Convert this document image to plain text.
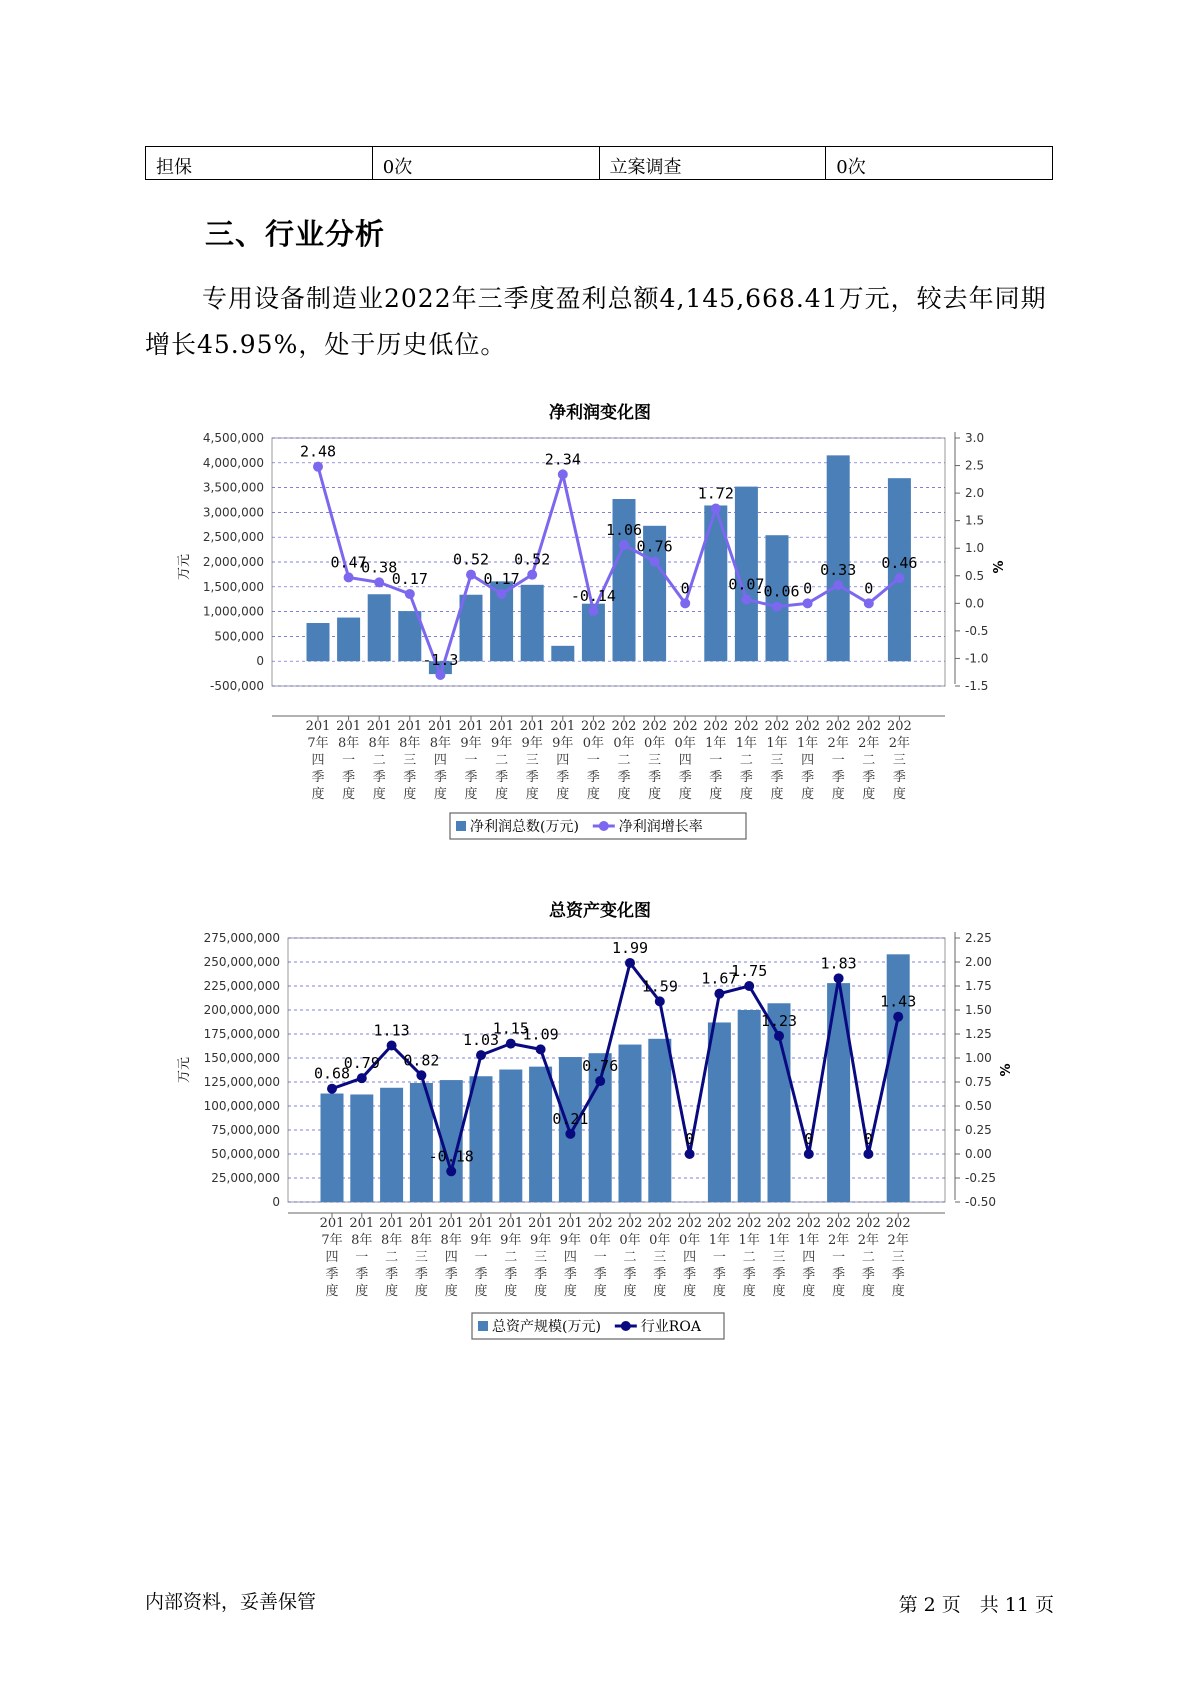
担保	0次	立案调查	0次
三、行业分析
专用设备制造业2022年三季度盈利总额4,145,668.41万元，较去年同期增长45.95%，处于历史低位。
净利润变化图
4,500,000
4,000,000
3,500,000
3,000,000
2,500,000
2,000,000
1,500,000
1,000,000
500,000
0
-500,000
3.0
2.5
2.0
1.5
1.0
0.5
0.0
-0.5
-1.0
-1.5
万元	%
2.48
0.47
0.38
0.17
-1.3
0.52
0.17
0.52
2.34
-0.14
1.06
0.76
0
1.72
0.07
-0.06 0
0.33
0
0.46
201 7年四季度
201 8年一季度
201 8年二季度
201 8年三季度
201 8年四季度
201 9年一季度
201 9年二季度
201 9年三季度
201 9年四季度
202 0年一季度
202 0年二季度
202 0年三季度
202 0年四季度
202 1年一季度
202 1年二季度
202 1年三季度
202 1年四季度
202 2年一季度
202 2年二季度
202 2年三季度
净利润总数(万元)	净利润增长率
总资产变化图
275,000,000
250,000,000
225,000,000
200,000,000
175,000,000
150,000,000
125,000,000
100,000,000
75,000,000
50,000,000
25,000,000
0
2.25
2.00
1.75
1.50
1.25
1.00
0.75
0.50
0.25
0.00
-0.25
-0.50
万元	%
0.68
0.79
1.13
0.82
-0.18
1.03
1.15
1.09
0.21
0.76
1.99
1.59
0
1.67
1.75
1.23
0
1.83
0
1.43
201 7年四季度
201 8年一季度
201 8年二季度
201 8年三季度
201 8年四季度
201 9年一季度
201 9年二季度
201 9年三季度
201 9年四季度
202 0年一季度
202 0年二季度
202 0年三季度
202 0年四季度
202 1年一季度
202 1年二季度
202 1年三季度
202 1年四季度
202 2年一季度
202 2年二季度
202 2年三季度
总资产规模(万元)	行业ROA
内部资料，妥善保管	第 2 页　共 11 页
